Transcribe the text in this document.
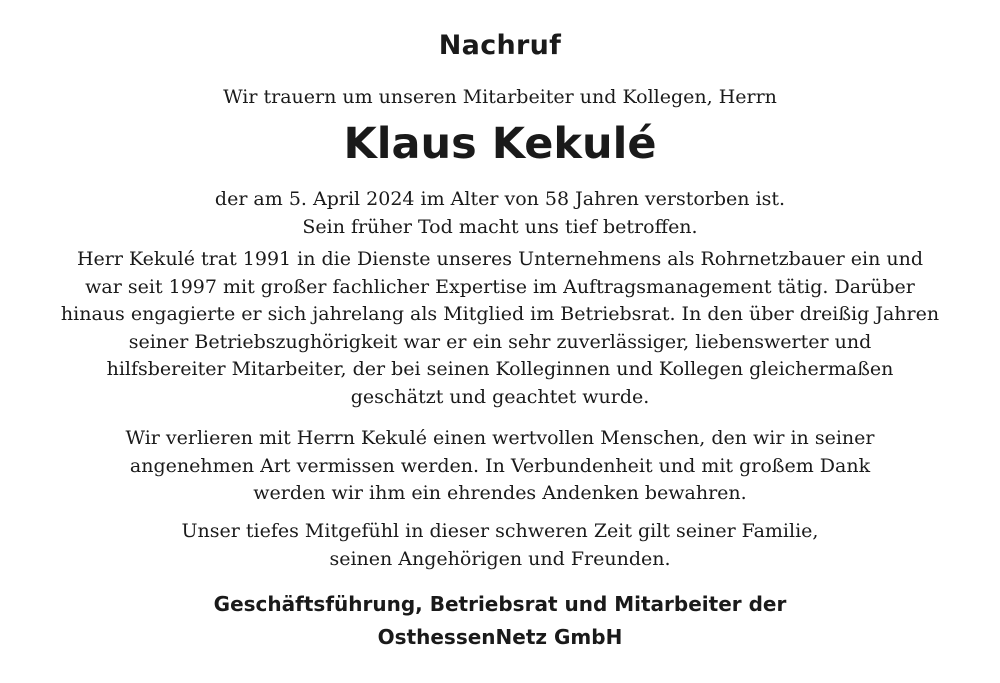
Nachruf
Wir trauern um unseren Mitarbeiter und Kollegen, Herrn
Klaus Kekulé
der am 5. April 2024 im Alter von 58 Jahren verstorben ist.
Sein früher Tod macht uns tief betroffen.
Herr Kekulé trat 1991 in die Dienste unseres Unternehmens als Rohrnetzbauer ein und
war seit 1997 mit großer fachlicher Expertise im Auftragsmanagement tätig. Darüber
hinaus engagierte er sich jahrelang als Mitglied im Betriebsrat. In den über dreißig Jahren
seiner Betriebszughörigkeit war er ein sehr zuverlässiger, liebenswerter und
hilfsbereiter Mitarbeiter, der bei seinen Kolleginnen und Kollegen gleichermaßen
geschätzt und geachtet wurde.
Wir verlieren mit Herrn Kekulé einen wertvollen Menschen, den wir in seiner
angenehmen Art vermissen werden. In Verbundenheit und mit großem Dank
werden wir ihm ein ehrendes Andenken bewahren.
Unser tiefes Mitgefühl in dieser schweren Zeit gilt seiner Familie,
seinen Angehörigen und Freunden.
Geschäftsführung, Betriebsrat und Mitarbeiter der
OsthessenNetz GmbH
